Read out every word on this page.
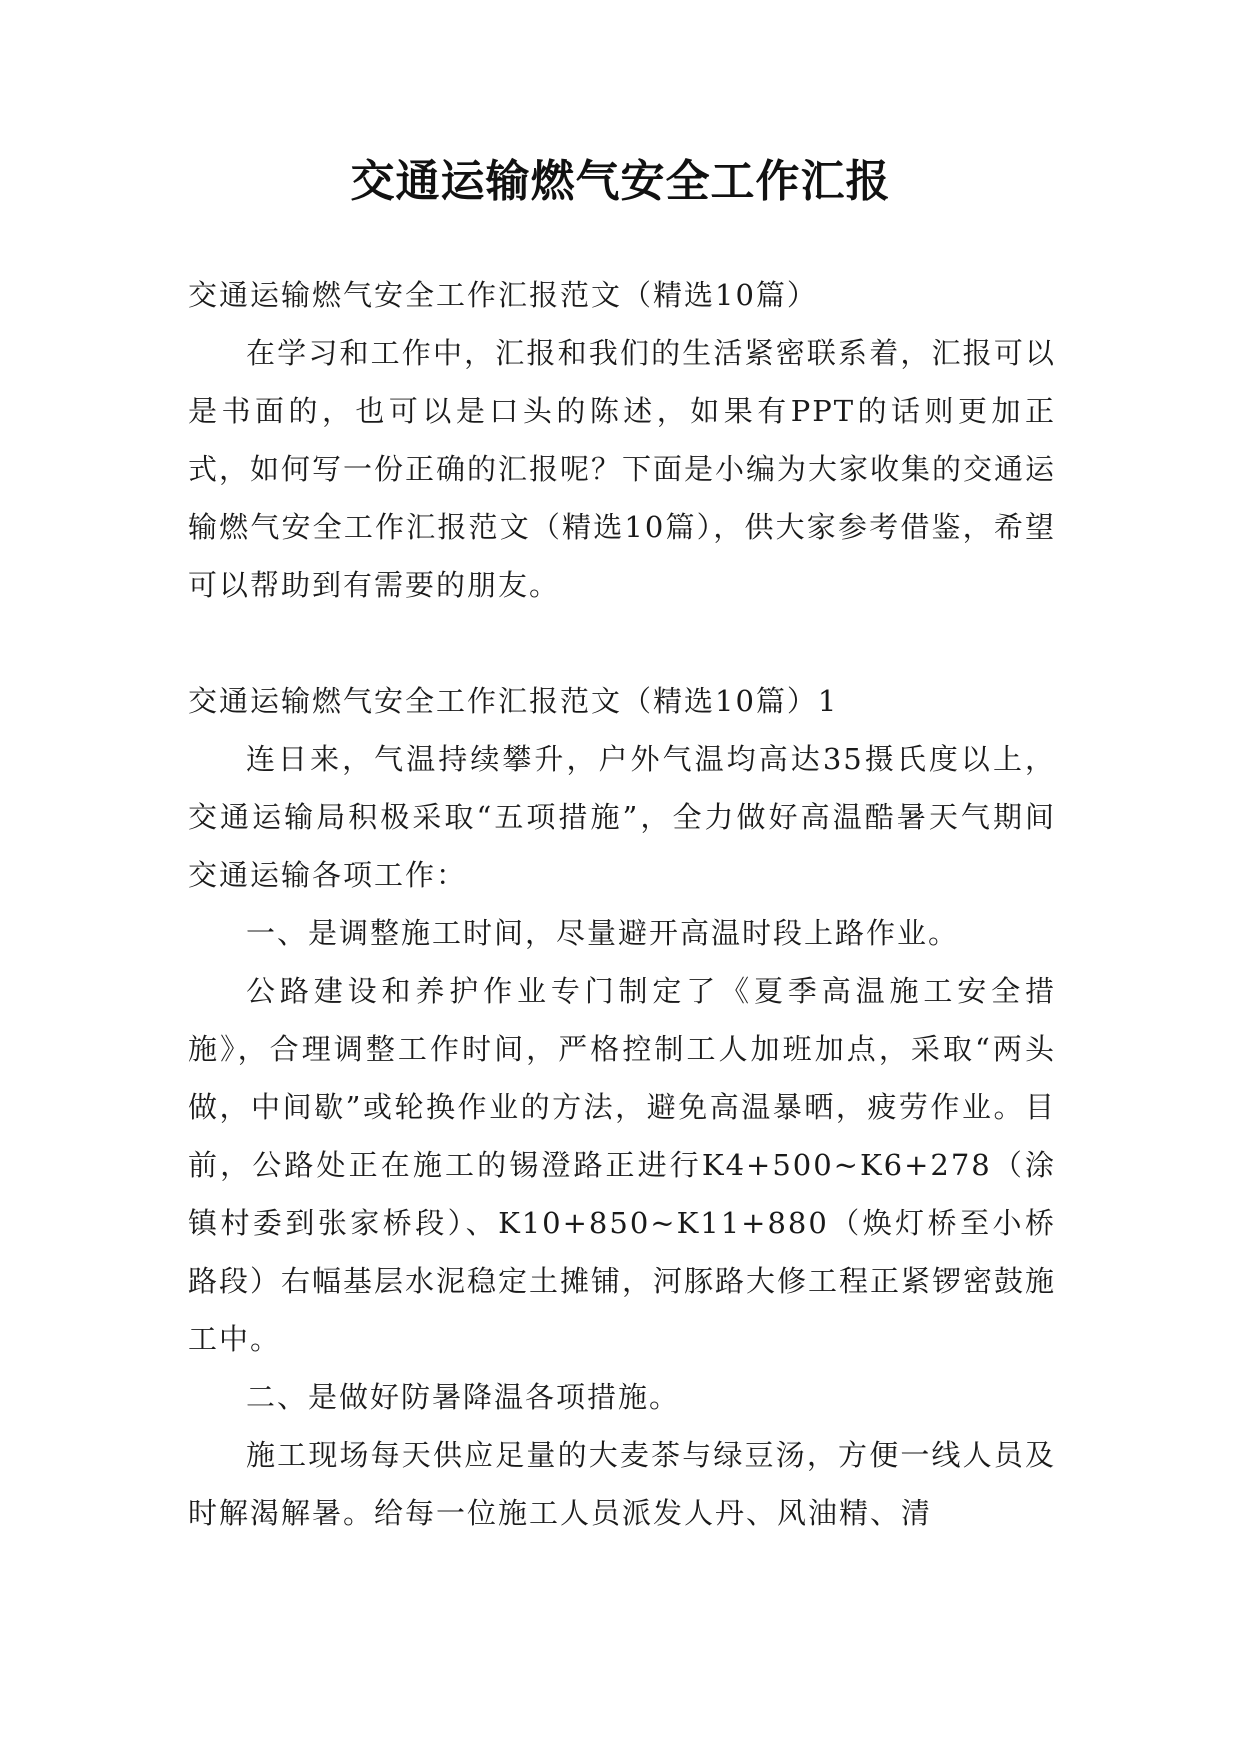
交通运输燃气安全工作汇报

交通运输燃气安全工作汇报范文（精选10篇）

在学习和工作中，汇报和我们的生活紧密联系着，汇报可以是书面的，也可以是口头的陈述，如果有PPT的话则更加正式，如何写一份正确的汇报呢？下面是小编为大家收集的交通运输燃气安全工作汇报范文（精选10篇），供大家参考借鉴，希望可以帮助到有需要的朋友。

交通运输燃气安全工作汇报范文（精选10篇）1

连日来，气温持续攀升，户外气温均高达35摄氏度以上，交通运输局积极采取“五项措施”，全力做好高温酷暑天气期间交通运输各项工作：

一、是调整施工时间，尽量避开高温时段上路作业。

公路建设和养护作业专门制定了《夏季高温施工安全措施》，合理调整工作时间，严格控制工人加班加点，采取“两头做，中间歇”或轮换作业的方法，避免高温暴晒，疲劳作业。目前，公路处正在施工的锡澄路正进行K4+500~K6+278（涂镇村委到张家桥段）、K10+850~K11+880（焕灯桥至小桥路段）右幅基层水泥稳定土摊铺，河豚路大修工程正紧锣密鼓施工中。

二、是做好防暑降温各项措施。

施工现场每天供应足量的大麦茶与绿豆汤，方便一线人员及时解渴解暑。给每一位施工人员派发人丹、风油精、清
